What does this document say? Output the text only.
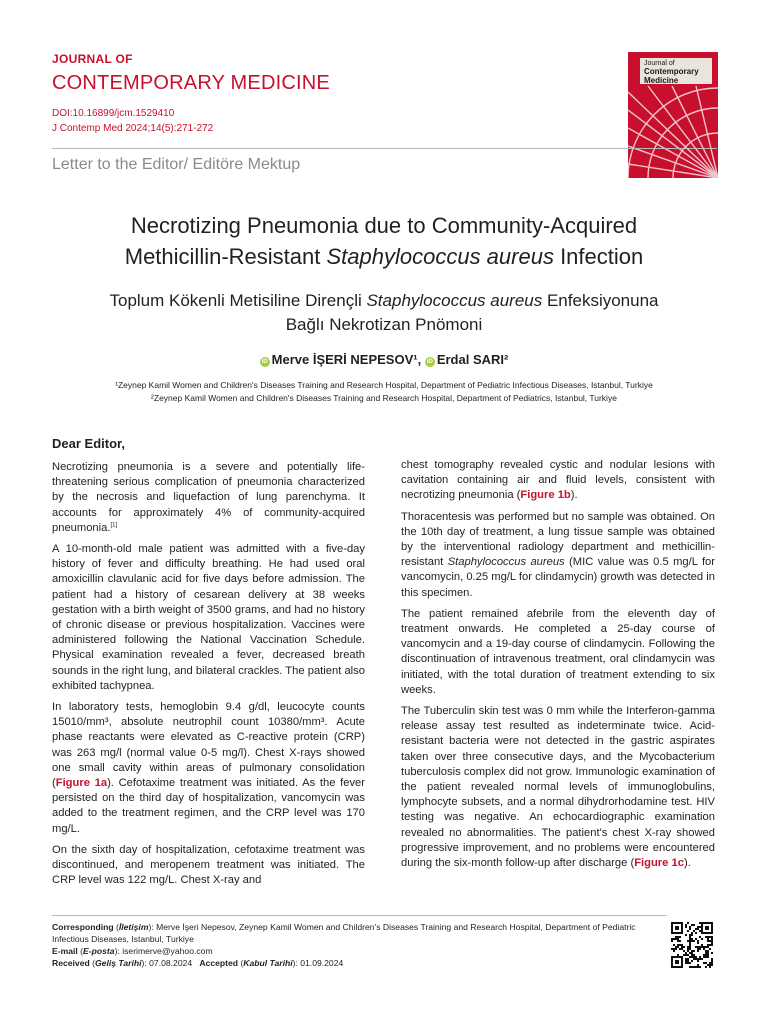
JOURNAL OF
CONTEMPORARY MEDICINE
DOI:10.16899/jcm.1529410
J Contemp Med 2024;14(5):271-272
Journal of
Contemporary
Medicine
Letter to the Editor/ Editöre Mektup
Necrotizing Pneumonia due to Community-Acquired
Methicillin-Resistant Staphylococcus aureus Infection
Toplum Kökenli Metisiline Dirençli Staphylococcus aureus Enfeksiyonuna
Bağlı Nekrotizan Pnömoni
iD Merve İŞERİ NEPESOV¹, iD Erdal SARI²
¹Zeynep Kamil Women and Children's Diseases Training and Research Hospital, Department of Pediatric Infectious Diseases, Istanbul, Turkiye
²Zeynep Kamil Women and Children's Diseases Training and Research Hospital, Department of Pediatrics, Istanbul, Turkiye
Dear Editor,

Necrotizing pneumonia is a severe and potentially life-threatening serious complication of pneumonia characterized by the necrosis and liquefaction of lung parenchyma. It accounts for approximately 4% of community-acquired pneumonia.[1]

A 10-month-old male patient was admitted with a five-day history of fever and difficulty breathing. He had used oral amoxicillin clavulanic acid for five days before admission. The patient had a history of cesarean delivery at 38 weeks gestation with a birth weight of 3500 grams, and had no history of chronic disease or previous hospitalization. Vaccines were administered following the National Vaccination Schedule. Physical examination revealed a fever, decreased breath sounds in the right lung, and bilateral crackles. The patient also exhibited tachypnea.

In laboratory tests, hemoglobin 9.4 g/dl, leucocyte counts 15010/mm³, absolute neutrophil count 10380/mm³. Acute phase reactants were elevated as C-reactive protein (CRP) was 263 mg/l (normal value 0-5 mg/l). Chest X-rays showed one small cavity within areas of pulmonary consolidation (Figure 1a). Cefotaxime treatment was initiated. As the fever persisted on the third day of hospitalization, vancomycin was added to the treatment regimen, and the CRP level was 170 mg/L.

On the sixth day of hospitalization, cefotaxime treatment was discontinued, and meropenem treatment was initiated. The CRP level was 122 mg/L. Chest X-ray and

chest tomography revealed cystic and nodular lesions with cavitation containing air and fluid levels, consistent with necrotizing pneumonia (Figure 1b).

Thoracentesis was performed but no sample was obtained. On the 10th day of treatment, a lung tissue sample was obtained by the interventional radiology department and methicillin-resistant Staphylococcus aureus (MIC value was 0.5 mg/L for vancomycin, 0.25 mg/L for clindamycin) growth was detected in this specimen.

The patient remained afebrile from the eleventh day of treatment onwards. He completed a 25-day course of vancomycin and a 19-day course of clindamycin. Following the discontinuation of intravenous treatment, oral clindamycin was initiated, with the total duration of treatment extending to six weeks.

The Tuberculin skin test was 0 mm while the Interferon-gamma release assay test resulted as indeterminate twice. Acid-resistant bacteria were not detected in the gastric aspirates taken over three consecutive days, and the Mycobacterium tuberculosis complex did not grow. Immunologic examination of the patient revealed normal levels of immunoglobulins, lymphocyte subsets, and a normal dihydrorhodamine test. HIV testing was negative. An echocardiographic examination revealed no abnormalities. The patient's chest X-ray showed progressive improvement, and no problems were encountered during the six-month follow-up after discharge (Figure 1c).

Corresponding (İletişim): Merve İşeri Nepesov, Zeynep Kamil Women and Children's Diseases Training and Research Hospital, Department of Pediatric Infectious Diseases, Istanbul, Turkiye
E-mail (E-posta): iserimerve@yahoo.com
Received (Geliş Tarihi): 07.08.2024 Accepted (Kabul Tarihi): 01.09.2024
